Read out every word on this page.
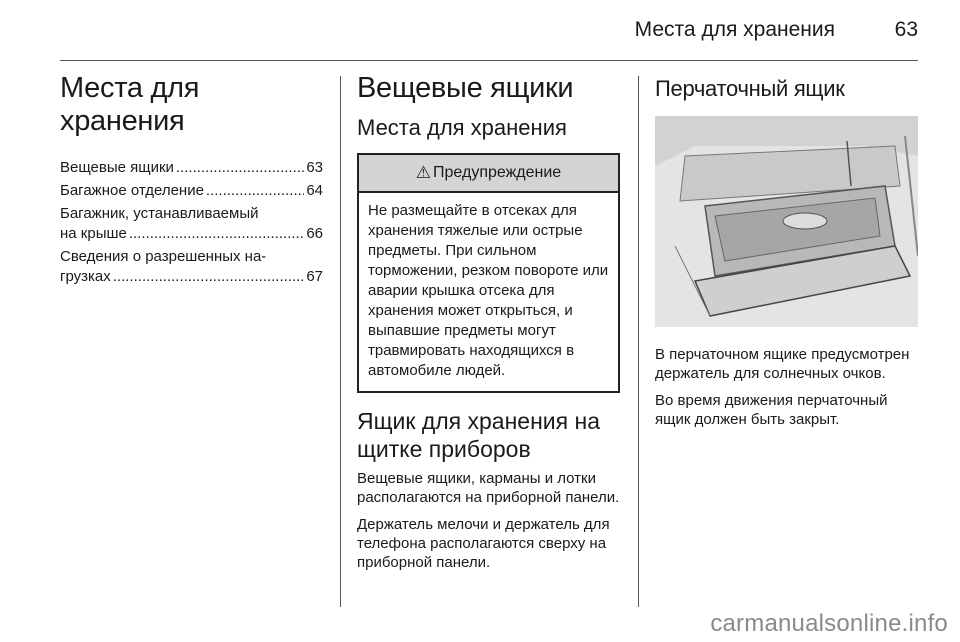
Места для хранения	63
Места для хранения
Вещевые ящики .....	63
Багажное отделение .....	64
Багажник, устанавливаемый
на крыше .....	66
Сведения о разрешенных на-
грузках .....	67
Вещевые ящики
Места для хранения
⚠ Предупреждение
Не размещайте в отсеках для хранения тяжелые или острые предметы. При сильном торможении, резком повороте или аварии крышка отсека для хранения может открыться, и выпавшие предметы могут травмировать находящихся в автомобиле людей.
Ящик для хранения на щитке приборов

Вещевые ящики, карманы и лотки располагаются на приборной панели.

Держатель мелочи и держатель для телефона располагаются сверху на приборной панели.

Перчаточный ящик

В перчаточном ящике предусмотрен держатель для солнечных очков.

Во время движения перчаточный ящик должен быть закрыт.

carmanualsonline.info
